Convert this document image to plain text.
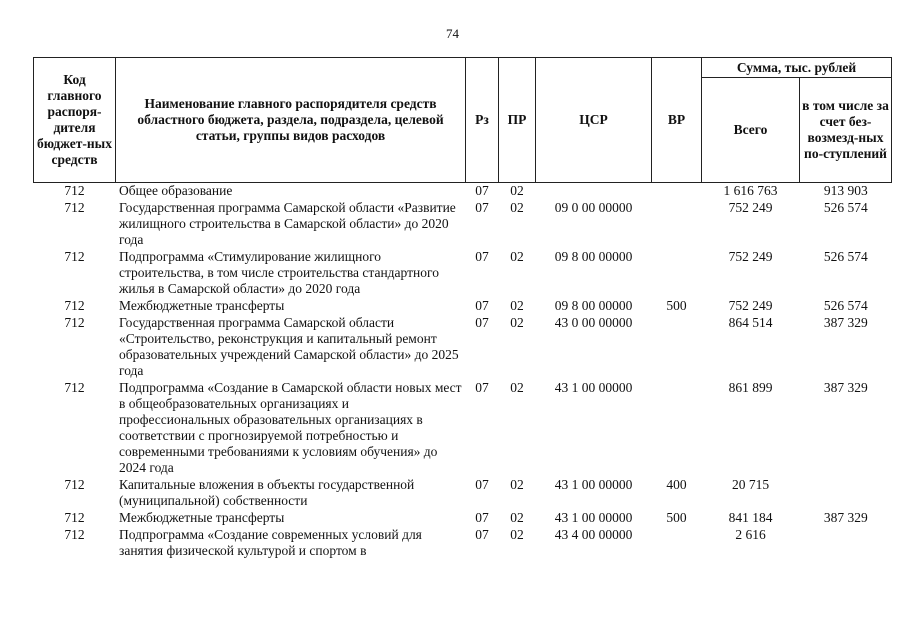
74
Код главного распоря-дителя бюджет-ных средств	Наименование главного распорядителя средств областного бюджета, раздела, подраздела, целевой статьи, группы видов расходов	Рз	ПР	ЦСР	ВР	Сумма, тыс. рублей	
						Всего	в том числе за счет без-возмезд-ных по-ступлений
712	Общее образование	07	02			1 616 763	913 903
712	Государственная программа Самарской области «Развитие жилищного строительства в Самарской области» до 2020 года	07	02	09 0 00 00000		752 249	526 574
712	Подпрограмма «Стимулирование жилищного строительства, в том числе строительства стандартного жилья в Самарской области» до 2020 года	07	02	09 8 00 00000		752 249	526 574
712	Межбюджетные трансферты	07	02	09 8 00 00000	500	752 249	526 574
712	Государственная программа Самарской области «Строительство, реконструкция и капитальный ремонт образовательных учреждений Самарской области» до 2025 года	07	02	43 0 00 00000		864 514	387 329
712	Подпрограмма «Создание в Самарской области новых мест в общеобразовательных организациях и профессиональных образовательных организациях в соответствии с прогнозируемой потребностью и современными требованиями к условиям обучения» до 2024 года	07	02	43 1 00 00000		861 899	387 329
712	Капитальные вложения в объекты государственной (муниципальной) собственности	07	02	43 1 00 00000	400	20 715	
712	Межбюджетные трансферты	07	02	43 1 00 00000	500	841 184	387 329
712	Подпрограмма «Создание современных условий для занятия физической культурой и спортом в	07	02	43 4 00 00000		2 616	
